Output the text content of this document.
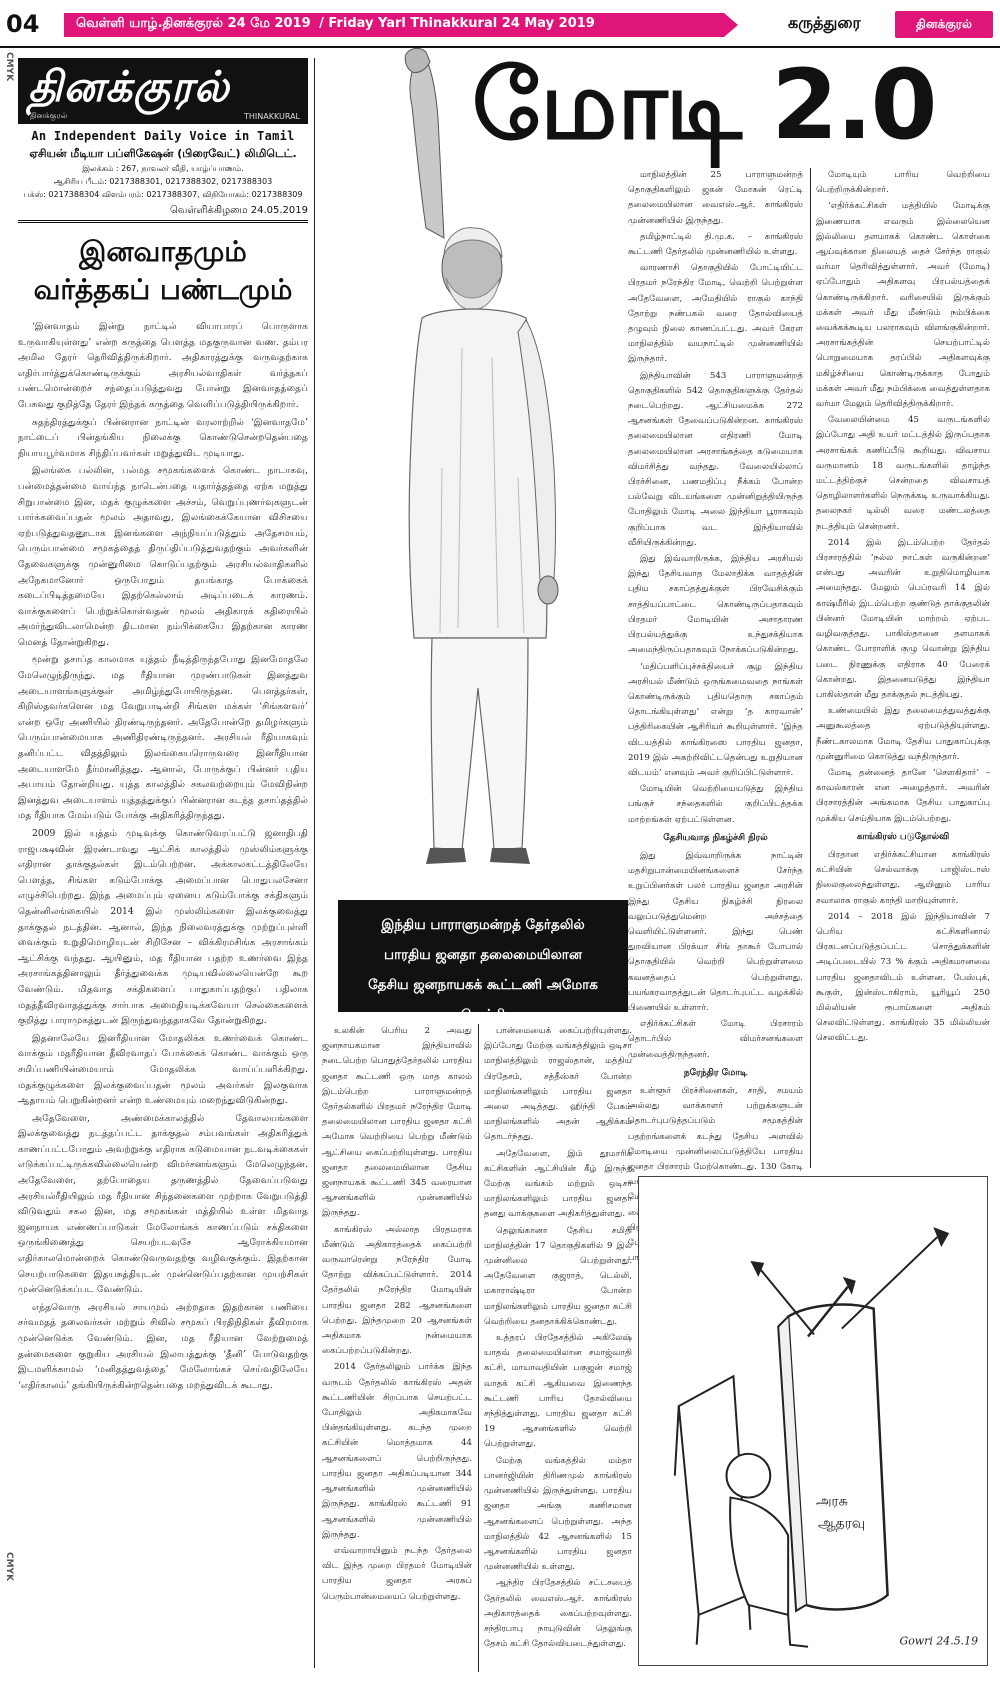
04	வெள்ளி யாழ்.தினக்குரல் 24 மே 2019 / Friday Yarl Thinakkural 24 May 2019	கருத்துரை	தினக்குரல்
CMYK
CMYK
தினக்குரல்
தினக்குரல்	THINAKKURAL
An Independent Daily Voice in Tamil
ஏசியன் மீடியா பப்ளிகேஷன் (பிரைவேட்) லிமிடெட்.
இலக்கம் : 267, நாவலர் வீதி, யாழ்ப்பாணம்.
ஆசிரிய பீடம்: 0217388301, 0217388302, 0217388303
பக்ஸ்: 0217388304 விளம்பரம்: 0217388307, விநியோகம்: 0217388309
வெள்ளிக்கிழமை 24.05.2019
இனவாதமும்
வர்த்தகப் பண்டமும்

‘இனவாதம் இன்று நாட்டில் வியாபாரப் பொருளாக உருவாகியுள்ளது’ என்ற கருத்தை பௌத்த மதகுருவான வண. தம்பர அமில தேரர் தெரிவித்திருக்கிறார். அதிகாரத்துக்கு வருவதற்காக எதிர்பார்த்துக்கொண்டிருக்கும் அரசியல்வாதிகள் வர்த்தகப் பண்டமொன்றைச் சந்தைப்படுத்துவது போன்று இனவாதத்தைப் பேசுவது குறித்தே தேரர் இந்தக் கருத்தை வெளிப்படுத்தியிருக்கிறார்.

சுதந்திரத்துக்குப் பின்னரான நாட்டின் வரலாற்றில் ‘இனவாதமே’ நாட்டைப் பின்தங்கிய நிலைக்கு கொண்டுசென்றதென்பதை நியாயபூர்வமாக சிந்திப்பவர்கள் மறுத்துவிட முடியாது.

இலங்கை பல்லின, பல்மத சமூகங்களைக் கொண்ட நாடாகவு, பன்மைத்தன்மை வாய்ந்த நாடென்பதை யதார்த்தத்தை ஏற்க மறுத்து சிறுபான்மை இன, மதக் குழுக்களை அச்சம், வெறுப்புணர்வுகளுடன் பார்க்கவைப்பதன் மூலம் அதாவது, இலங்கைக்கேயான விசிசயை ஏற்படுத்துவதனூடாக இனங்களை அந்நியப்படுத்தும் அதேசமயம், பெரும்பான்மை சமூகத்தைத் திருப்திப்படுத்துவதற்கும் அவர்களின் தேவைகளுக்கு முன்னுரிமை கொடுப்பதற்கும் அரசியல்வாதிகளில் அநேகமானோர் ஒருபோதும் தயங்காத போக்கைக் கடைப்பிடித்தமையே இதற்கெல்லாம் அடிப்படைக் காரணம். வாக்குகளைப் பெற்றுக்கொள்வதன் மூலம் அதிகாரக் கதிரையில் அமர்ந்துவிடலாமென்ற திடமான நம்பிக்கையே இதற்கான காரண மெனத் தோன்றுகிறது.

மூன்று தசாப்த காலமாக யுத்தம் நீடித்திருந்தபோது இனமோதலே மேலெழுந்திருந்து. மத ரீதியான முரண்பாடுகள் இனத்துவ அடையாளங்களுக்குள் அமிழ்ந்துபோயிருந்தன. பௌத்தர்கள், கிறிஸ்தவர்களென மத வேறுபாடின்றி சிங்கள மக்கள் ‘சிங்களவர்’ என்ற ஒரே அணியில் திரண்டிருந்தனர். அதேபோன்றே தமிழர்களும் பெரும்பான்மையாக அணிதிரண்டிருந்தனர். அரசியல் ரீதியாகவும் தனிப்பட்ட விதத்திலும் இலங்கையரொருவரை இனரீதியான அடையாளமே தீர்மானித்தது. ஆனால், போருக்குப் பின்னர் புதிய அபாயம் தோன்றியது. யுத்த காலத்தில் சகலவற்றையும் மேவிநின்ற இனத்துவ அடையாளம் யுத்தத்துக்குப் பின்னரான கடந்த தசாப்தத்தில் மத ரீதியாக மேம்படும் போக்கு அதிகரித்திருந்தது.

2009 இல் யுத்தம் முடிவுக்கு கொண்டுவரப்பட்டு ஜனாதிபதி ராஜபக்ஷவின் இரண்டாவது ஆட்சிக் காலத்தில் முஸ்லிம்களுக்கு எதிரான தாக்குதல்கள் இடம்பெற்றன. அக்காலகட்டத்திலேயே பௌத்த, சிங்கள கடும்போக்கு அமைப்பான பொதுபலசேனா எழுச்சிபெற்றது. இந்த அமைப்பும் ஏனைய கடும்போக்கு சக்திகளும் தென்னிலங்கையில் 2014 இல் முஸ்லிம்களை இலக்குவைத்து தாக்குதல் நடத்தின. ஆனால், இந்த நிலைவரத்துக்கு முற்றுப்புள்ளி வைக்கும் உறுதிமொழியுடன் சிறிசேன – விக்கிரமசிங்க அரசாங்கம் ஆட்சிக்கு வந்தது. ஆயினும், மத ரீதியான பதற்ற உணர்வை இந்த அரசாங்கத்தினாலும் தீர்த்துவைக்க முடியவில்லையென்றே கூற வேண்டும். மிதவாத சக்திகளைப் பாதுகாப்பதற்குப் பதிலாக மதத்தீவிரவாதத்துக்கு சார்பாக அமைதியடிக்கவேயா செல்கைகளைக் குறித்து பாராமுகத்துடன் இருந்துவந்ததாகவே தோன்றுகிறது.

இதனாலேயே இனரீதியான மோதலிக்க உணர்வைக் கொண்ட வாக்கும் மதரீதியான தீவிரவாதப் போக்கைக் கொண்ட வாக்கும் ஒரு சமிப்பணியின்மையாம் மோதலிக்க வாய்ப்பளிக்கிறது. மதக்குழுக்களை இலக்குவைப்பதன் மூலம் அவர்கள் இலகுவாக ஆதாயம் பெறுகின்றனர் என்ற உண்மையும் மறைந்துவிடுகின்றது.

அதேவேளை, அண்மைக்காலத்தில் தேவாலயங்களை இலக்குவைத்து நடத்தப்பட்ட தாக்குதல் சம்பவங்கள் அதிகரித்துக் காணப்பட்டபோதும் அவற்றுக்கு எதிராக கடுமையான நடவடிக்கைகள் எடுக்கப்பட்டிருக்கவில்லையென்ற விமர்சனங்களும் மேலெழுந்தன. அதேவேளை, தற்போதைய தருணத்தில் தேவைப்படுவது அரசியல்ரீதியிலும் மத ரீதியான சிந்தனைகளை முற்றாக வேறுபடுத்தி விடுவதும் சகல இன, மத சமூகங்கள் மத்தியில் உள்ள மிதவாத ஜனநாயக எண்ணப்பாடுகள் மேலோங்கக் காணப்படும் சக்திகளை ஒருங்கிணைத்து செயற்படவுசே ஆரோக்கியமான எதிர்காலமொன்றைக் கொண்டுவருவதற்கு வழிவகுக்கும். இதற்கான செயற்பாடுகளை இதயசுத்தியுடன் முன்னெடுப்பதற்கான முயற்சிகள் முன்னெடுக்கப்பட வேண்டும்.

எந்தவொரு அரசியல் சாயமும் அற்றதாக இதற்கான பணியை சர்வமதத் தலைவர்கள் மற்றும் சிவில் சமூகப் பிரதிநிதிகள் தீவிரமாக முன்னெடுக்க வேண்டும். இன, மத ரீதியான வேற்றுமைத் தன்மைகளை குறுகிய அரசியல் இலாபத்துக்கு ‘தீனி’ போடுவதற்கு இடமளிக்காமல் ‘மனிதத்துவத்தை’ மேலோங்கச் செய்வதிலேயே ‘எதிர்காலம்’ தங்கியிருக்கின்றதென்பதை மறந்துவிடக் கூடாது.

மோடி 2.0
இந்திய பாராளுமன்றத் தேர்தலில்
பாரதிய ஜனதா தலைமையிலான
தேசிய ஜனநாயகக் கூட்டணி அமோக வெற்றி

மாநிலத்தின் 25 பாராளுமன்றத் தொகுதிகளிலும் ஜகன் மோகன் ரெட்டி தலைமையிலான வைஎஸ்.ஆர். காங்கிரஸ் முன்னணியில் இருந்தது.

தமிழ்நாட்டில் தி.மு.க. – காங்கிரஸ் கூட்டணி தேர்தலில் முன்னணியில் உள்ளது.

வாரணாசி தொகுதியில் போட்டியிட்ட பிரதமர் நரேந்திர மோடி, வெற்றி பெற்றுள்ள அதேவேளை, அமேதியில் ராகுல் காந்தி தோற்று நண்பகல் வரை தோல்வியைத் தழுவும் நிலை காணப்பட்டது. அவர் கேரள மாநிலத்தில் வயநாட்டில் முன்னணியில் இருந்தார்.

இந்தியாவின் 543 பாராளுமன்றத் தொகுதிகளில் 542 தொகுதிகளுக்கு தேர்தல் நடைபெற்றது. ஆட்சியமைக்க 272 ஆசனங்கள் தேவைப்படுகின்றன. காங்கிரஸ் தலைமையிலான எதிரணி மோடி தலைமையிலான அரசாங்கத்தை கடுமையாக விமர்சித்து வந்தது. வேலையில்லாப் பிரச்சினை, பணமதிப்பு நீக்கம் போன்ற பல்வேறு விடயங்களை முன்னிறுத்தியிருந்த போதிலும் மோடி அலை இந்தியா பூராகவும் குறிப்பாக வட இந்தியாவில் வீசியிருக்கின்றது.

இது இவ்வாறிருக்க, இந்திய அரசியல் இந்து தேசியவாத மேலாதிக்க வாதத்தின் புதிய சகாப்தத்துக்குள் பிரவேசிக்கும் சாத்தியப்பாட்டை கொண்டிருப்பதாகவும் பிரதமர் மோடியின் அசாதாரண பிரபல்யத்துக்கு உந்துசக்தியாக அமைந்திருப்பதாகவும் நோக்கப்படுகின்றது.

‘மதிப்பளிப்புச்சக்தியைச் சூழ இந்திய அரசியல் மீண்டும் ஒருங்கமைவதை நாங்கள் கொண்டிருக்கும் புதியதொரு சகாப்தம் தொடங்கியுள்ளது’ என்று ‘த காரவான்’ பத்திரிகையின் ஆசிரியர் கூறியுள்ளார். ‘இந்த விடயத்தில் காங்கிரஸை பாரதிய ஜனதா, 2019 இல் அகற்றிவிட்டதென்பது உறுதியான விடயம்’ எனவும் அவர் குறிப்பிட்டுள்ளார்.

மோடியின் வெற்றியையடுத்து இந்திய பங்குச் சந்தைகளில் குறிப்பிடத்தக்க மாற்றங்கள் ஏற்பட்டுள்ளன.

தேசியவாத நிகழ்ச்சி நிரல்

இது இவ்வாறிருக்க நாட்டின் மதசிறுபான்மையினங்களைச் சேர்ந்த உறுப்பினர்கள் பலர் பாரதிய ஜனதா அரசின் இந்து தேசிய நிகழ்ச்சி நிரலை வலுப்படுத்துமென்ற அச்சத்தை வெளியிட்டுள்ளனர். இந்து பெண் துறவியான பிரக்யா சிங் தாகூர் போபால் தொகுதியில் வெற்றி பெற்றுள்ளமை கவனத்தைப் பெற்றுள்ளது. பயங்கரவாதத்துடன் தொடர்புபட்ட வழக்கில் பிணையில் உள்ளார்.

எதிர்க்கட்சிகள் மோடி பிரசாரம் தொடர்பில் விமர்சனங்களை முன்வைத்திருந்தனர்.

நரேந்திர மோடி

உள்ளூர் பிரச்சினைகள், சாதி, சமயம் அல்லது வாக்காளர் பற்றுக்களுடன் தொடர்புபடுத்தப்படும் சமூகத்தின் பதற்றங்களைக் கடந்து தேசிய அளவில் மோடியை முன்னிலைப்படுத்தியே பாரதிய ஜனதா பிரசாரம் மேற்கொண்டது. 130 கோடி வாக்காளர்கள் மீண்டும் பிரதமர் நரேந்திர மோடியின் அரசாங்கத்தில் நம்பிக்கை வைத்துள்ளனர். 1970 இல் இந்திரா காந்தி பிரதமராக போட்டியிட்டு வெற்றி பெற்றதைப் போன்று அபார வெற்றியாக இது பார்க்கப்படுகிறது.

மோடியும் பாரிய வெற்றியை பெற்றிருக்கின்றார்.

‘எதிர்க்கட்சிகள் மத்தியில் மோடிக்கு இணையாக எவரும் இல்லையென இல்லியை தளமாகக் கொண்ட கொள்கை ஆய்வுக்கான நிலையத் தைச் சேர்ந்த ராகுல் வர்மா தெரிவித்துள்ளார். அவர் (மோடி) ஏப்போதும் அதிகளவு பிரபல்யத்தைக் கொண்டிருக்கிறார். வரிசையில் இருக்கும் மக்கள் அவர் மீது மீண்டும் நம்பிக்கை வைக்கக்கூடிய பலராகவும் விளங்குகின்றார். அரசாங்கத்தின் செயற்பாட்டில் பொறுமையாக தரப்பில் அதிகளவுக்கு மகிழ்ச்சியை கொண்டிருக்காத போதும் மக்கள் அவர் மீது நம்பிக்கை வைத்துள்ளதாக வர்மா மேலும் தெரிவித்திருக்கிறார்.

வேலையின்மை 45 வருடங்களில் இப்போது அதி உயர் மட்டத்தில் இருப்பதாக அரசாங்கக் கணிப்பீடு கூறியது. விவசாய வருமானம் 18 வருடங்களில் தாழ்ந்த மட்டத்திற்குச் சென்றதை விவசாயத் தொழிலாளர்களில் நெருக்கடி உருவாக்கியது. தலைநகர் டில்லி வரை மண்டலத்தை நடத்தியும் சென்றனர்.

2014 இல் இடம்பெற்ற தேர்தல் பிரசாரத்தில் ‘நல்ல நாட்கள் வருகின்றன’ என்பது அவரின் உறுதிமொழியாக அமைந்தது. மேலும் பெப்ரவரி 14 இல் காஷ்மீரில் இடம்பெற்ற குண்டுத் தாக்குதலின் பின்னர் மோடியின் மாற்றம் ஏற்பட வழிவகுத்தது. பாகிஸ்தானை தளமாகக் கொண்ட போராளிக் குழு வொன்று இந்திய படை நிரணுக்கு எதிராக 40 பேரைக் கொன்றது. இதனையடுத்து இந்தியா பாகிஸ்தான் மீது தாக்குதல் நடத்தியது.

உண்மையில் இது தலைமைத்துவத்துக்கு அனுகூலத்தை ஏற்படுத்தியுள்ளது. நீண்டகாலமாக மோடி தேசிய பாதுகாப்புக்கு முன்னுரிமை கொடுத்து வந்திருந்தார்.

மோடி தன்னைத் தானே ‘சௌகிதார்’ – காவல்காரன் என அழைத்தார். அவரின் பிரசாரத்தின் அங்கமாக தேசிய பாதுகாப்பு முக்கிய செய்தியாக இடம்பெற்றது.

காங்கிரஸ் படுதோல்வி

பிரதான எதிர்க்கட்சியான காங்கிரஸ் கட்சியின் செல்வாக்கு பாஜிஸ்டாஸ் நிலைகுலைந்துள்ளது. ஆயினும் பாரிய சவாலாக ராகுல் காந்தி மாறியுள்ளார்.

2014 – 2018 இல் இந்தியாவின் 7 பெரிய கட்சிகளினால் பிரகடனப்படுத்தப்பட்ட சொத்துக்களின் அடிப்படையில் 73 % க்கும் அதிகமானவை பாரதிய ஜனதாவிடம் உள்ளன. பேஸ்புக், கூகுள், இன்ஸ்டாகிராம், யூரியூப் 250 மில்லியன் ரூபாய்களை அதிகம் செலவிட்டுள்ளது. காங்கிரஸ் 35 மில்லியன் செலவிட்டது.

உலகின் பெரிய 2 அவது ஜனநாயகமான இந்தியாவில் நடைபெற்ற பொதுத்தேர்தலில் பாரதிய ஜனதா கூட்டணி ஒரு மாத காலம் இடம்பெற்ற பாராளுமன்றத் தேர்தல்களில் பிரதமர் நரேந்திர மோடி தலைமையிலான பாரதிய ஜனதா கட்சி அமோக வெற்றியை பெற்று மீண்டும் ஆட்சியை கைப்பற்றியுள்ளது. பாரதிய ஜனதா தலைமையிலான தேசிய ஜனநாயகக் கூட்டணி 345 வரையான ஆசனங்களில் முன்னணியில் இருந்தது.

காங்கிரஸ் அல்லாத பிரதமராக மீண்டும் அதிகாரத்தைக் கைப்பற்றி வருவாரென்று நரேந்திர மோடி தோற்று விக்கப்பட்டுள்ளார். 2014 தேர்தலில் நரேந்திர மோடியின் பாரதிய ஜனதா 282 ஆசனங்களை பெற்றது. இந்தமுறை 20 ஆசனங்கள் அதிகமாக நன்மையாக கைப்பற்றப்படுகின்றது.

2014 தேர்தலிலும் பார்க்க இந்த வருடம் தேர்தலில் காங்கிரஸ் அதன் கூட்டணியின் சிறப்பாக செயற்பட்ட போதிலும் அதிகமாகவே பின்தங்கியுள்ளது. கடந்த முறை கட்சியின் மொத்தமாக 44 ஆசனங்களைப் பெற்றிருந்தது. பாரதிய ஜனதா அதிகப்படியான 344 ஆசனங்களில் முன்னணியில் இருந்தது. காங்கிரஸ் கூட்டணி 91 ஆசனங்களில் முன்னணியில் இருந்தது.

எவ்வாறாயினும் நடந்த தேர்தலை விட இந்த முறை பிரதமர் மோடியின் பாரதிய ஜனதா அரசுப் பெரும்பான்மையைப் பெற்றுள்ளது.

பான்மையைக் கைப்பற்றியுள்ளது. இப்போது மேற்கு வங்கத்திலும் ஒடிசா மாநிலத்திலும் ராஜஸ்தான், மத்திய பிரதேசம், சத்தீஸ்கர் போன்ற மாநிலங்களிலும் பாரதிய ஜனதா அலை அடித்தது. ஹிந்தி பேசும் மாநிலங்களில் அதன் ஆதிக்கம் தொடர்ந்தது.

அதேவேளை, இம் தூமாரிக் கட்சிகளின் ஆட்சியின் கீழ் இருந்த மேற்கு வங்கம் மற்றும் ஒடிசா மாநிலங்களிலும் பாரதிய ஜனதா தனது வாக்குகளை அதிகரித்துள்ளது.

தெலுங்கானா தேசிய சமிதி மாநிலத்தின் 17 தொகுதிகளில் 9 இல் முன்னிலை பெற்றுள்ளது. அதேவேளை குஜராத், டெல்லி, மகாராஷ்டிரா போன்ற மாநிலங்களிலும் பாரதிய ஜனதா கட்சி வெற்றியை தனதாக்கிக்கொண்டது.

உத்தரப் பிரதேசத்தில் அகிலேஷ் யாதவ் தலைமையிலான சமாஜ்வாதி கட்சி, மாயாவதியின் பகுஜன் சமாஜ் வாதக் கட்சி ஆகியவை இணைந்த கூட்டணி பாரிய தோல்வியை சந்தித்துள்ளது. பாரதிய ஜனதா கட்சி 19 ஆசனங்களில் வெற்றி பெற்றுள்ளது.

மேற்கு வங்கத்தில் மம்தா பானர்ஜியின் திரிணமுல் காங்கிரஸ் முன்னணியில் இருந்துள்ளது. பாரதிய ஜனதா அங்கு கணிசமான ஆசனங்களைப் பெற்றுள்ளது. அந்த மாநிலத்தில் 42 ஆசனங்களில் 15 ஆசனங்களில் பாரதிய ஜனதா முன்னணியில் உள்ளது.

ஆந்திர பிரதேசத்தில் சட்டசபைத் தேர்தலில் வைஎஸ்.ஆர். காங்கிரஸ் அதிகாரத்தைக் கைப்பற்றவுள்ளது. சந்திரபாபு நாயுடுவின் தெலுங்கு தேசம் கட்சி தோல்வியடைந்துள்ளது.

அரசு
ஆதரவு
Gowri 24.5.19
